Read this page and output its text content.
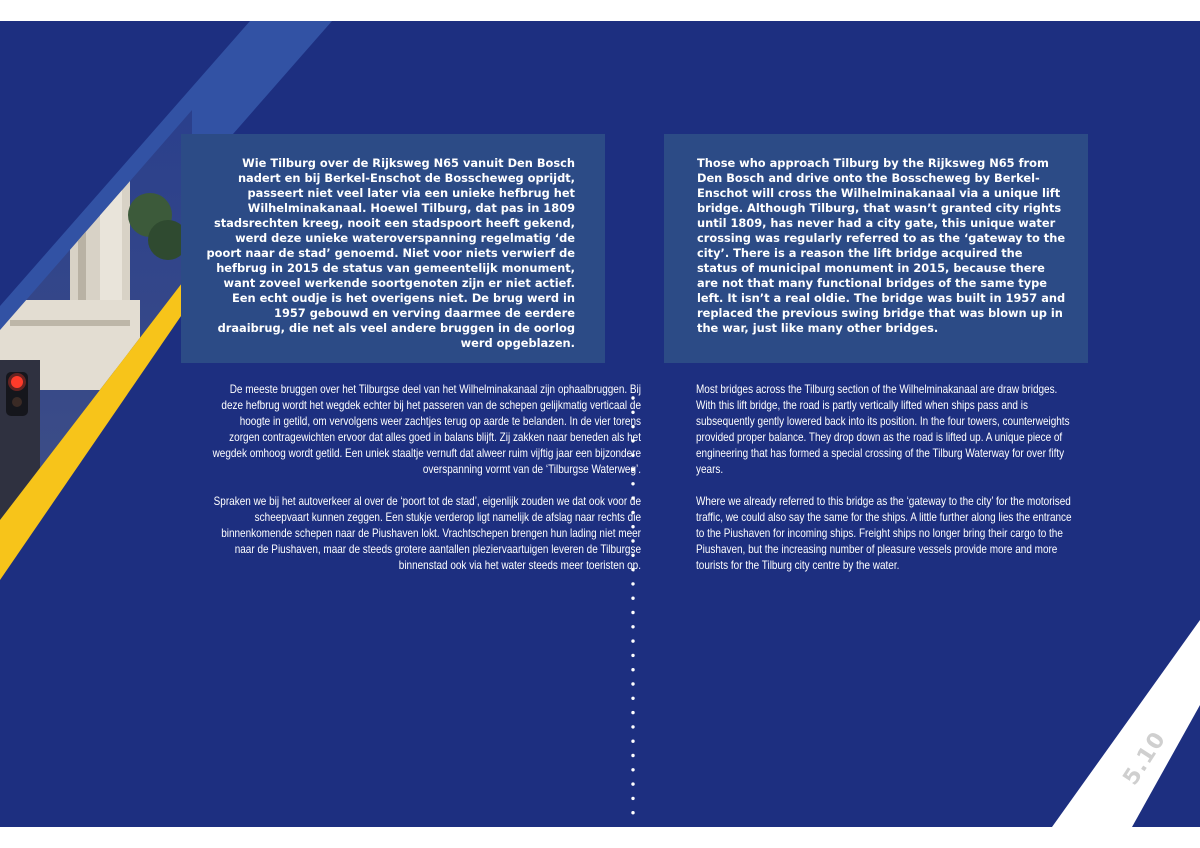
Wie Tilburg over de Rijksweg N65 vanuit Den Bosch nadert en bij Berkel-Enschot de Bosscheweg oprijdt, passeert niet veel later via een unieke hefbrug het Wilhelminakanaal. Hoewel Tilburg, dat pas in 1809 stadsrechten kreeg, nooit een stadspoort heeft gekend, werd deze unieke wateroverspanning regelmatig ‘de poort naar de stad’ genoemd. Niet voor niets verwierf de hefbrug in 2015 de status van gemeentelijk monument, want zoveel werkende soortgenoten zijn er niet actief. Een echt oudje is het overigens niet. De brug werd in 1957 gebouwd en verving daarmee de eerdere draaibrug, die net als veel andere bruggen in de oorlog werd opgeblazen.

Those who approach Tilburg by the Rijksweg N65 from Den Bosch and drive onto the Bosscheweg by Berkel-Enschot will cross the Wilhelminakanaal via a unique lift bridge. Although Tilburg, that wasn’t granted city rights until 1809, has never had a city gate, this unique water crossing was regularly referred to as the ‘gateway to the city’. There is a reason the lift bridge acquired the status of municipal monument in 2015, because there are not that many functional bridges of the same type left. It isn’t a real oldie. The bridge was built in 1957 and replaced the previous swing bridge that was blown up in the war, just like many other bridges.

De meeste bruggen over het Tilburgse deel van het Wilhelminakanaal zijn ophaalbruggen. Bij deze hefbrug wordt het wegdek echter bij het passeren van de schepen gelijkmatig verticaal de hoogte in getild, om vervolgens weer zachtjes terug op aarde te belanden. In de vier torens zorgen contragewichten ervoor dat alles goed in balans blijft. Zij zakken naar beneden als het wegdek omhoog wordt getild. Een uniek staaltje vernuft dat alweer ruim vijftig jaar een bijzondere overspanning vormt van de ‘Tilburgse Waterweg’.

Spraken we bij het autoverkeer al over de ‘poort tot de stad’, eigenlijk zouden we dat ook voor de scheepvaart kunnen zeggen. Een stukje verderop ligt namelijk de afslag naar rechts die binnenkomende schepen naar de Piushaven lokt. Vrachtschepen brengen hun lading niet meer naar de Piushaven, maar de steeds grotere aantallen pleziervaartuigen leveren de Tilburgse binnenstad ook via het water steeds meer toeristen op.

Most bridges across the Tilburg section of the Wilhelminakanaal are draw bridges. With this lift bridge, the road is partly vertically lifted when ships pass and is subsequently gently lowered back into its position. In the four towers, counterweights provided proper balance. They drop down as the road is lifted up. A unique piece of engineering that has formed a special crossing of the Tilburg Waterway for over fifty years.

Where we already referred to this bridge as the ‘gateway to the city’ for the motorised traffic, we could also say the same for the ships. A little further along lies the entrance to the Piushaven for incoming ships. Freight ships no longer bring their cargo to the Piushaven, but the increasing number of pleasure vessels provide more and more tourists for the Tilburg city centre by the water.

5.10
